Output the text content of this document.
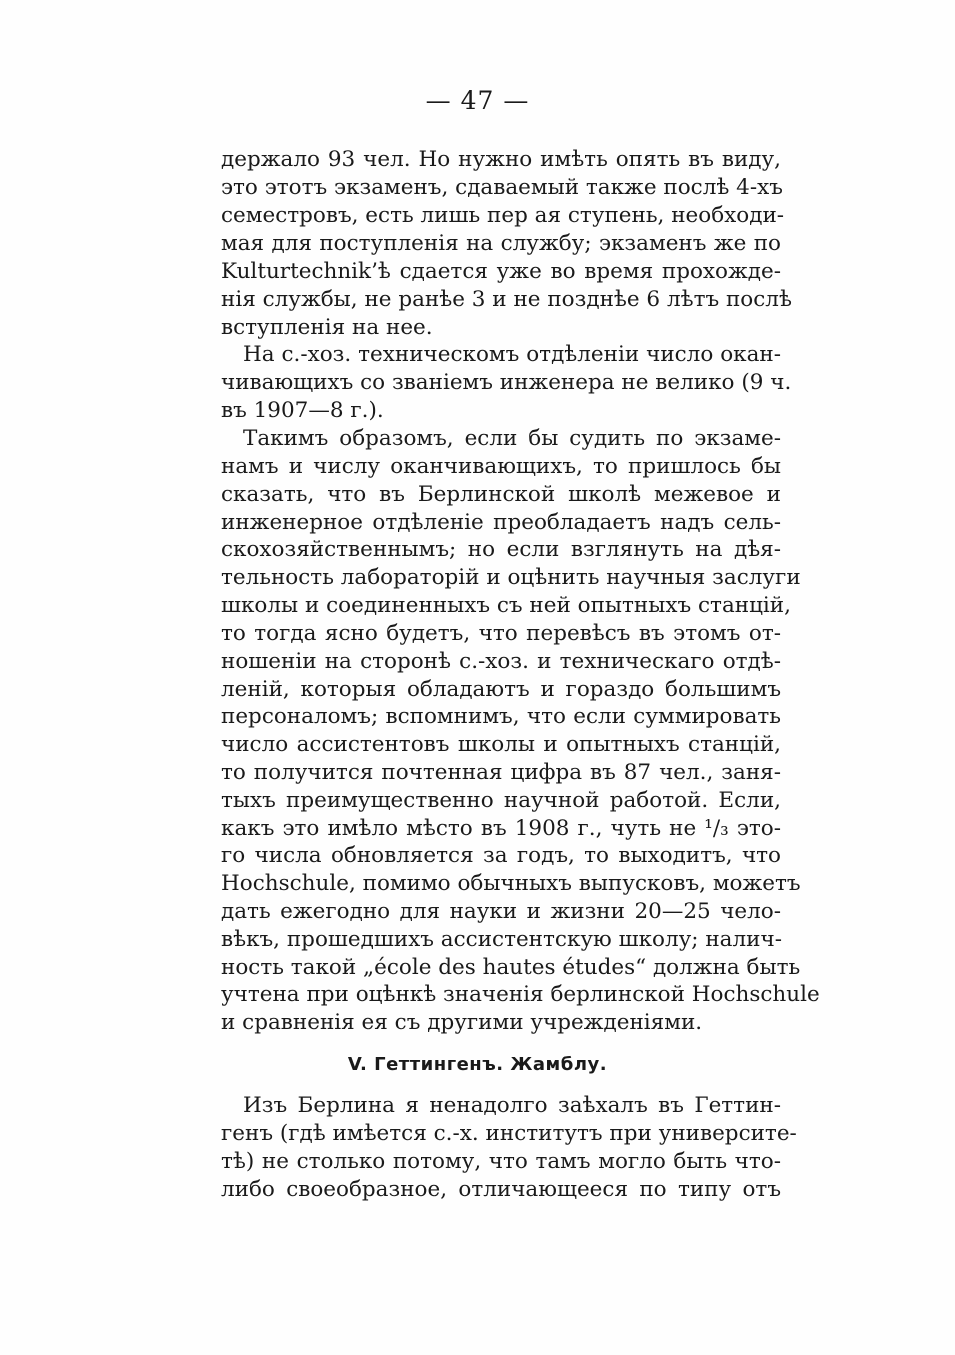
— 47 —
держало 93 чел. Но нужно имѣть опять въ виду,
это этотъ экзаменъ, сдаваемый также послѣ 4-хъ
семестровъ, есть лишь пер ая ступень, необходи-
мая для поступленія на службу; экзаменъ же по
Kulturtechnik’ѣ сдается уже во время прохожде-
нія службы, не ранѣе 3 и не позднѣе 6 лѣтъ послѣ
вступленія на нее.
На с.-хоз. техническомъ отдѣленіи число окан-
чивающихъ со званіемъ инженера не велико (9 ч.
въ 1907—8 г.).
Такимъ образомъ, если бы судить по экзаме-
намъ и числу оканчивающихъ, то пришлось бы
сказать, что въ Берлинской школѣ межевое и
инженерное отдѣленіе преобладаетъ надъ сель-
скохозяйственнымъ; но если взглянуть на дѣя-
тельность лабораторій и оцѣнить научныя заслуги
школы и соединенныхъ съ ней опытныхъ станцій,
то тогда ясно будетъ, что перевѣсъ въ этомъ от-
ношеніи на сторонѣ с.-хоз. и техническаго отдѣ-
леній, которыя обладаютъ и гораздо большимъ
персоналомъ; вспомнимъ, что если суммировать
число ассистентовъ школы и опытныхъ станцій,
то получится почтенная цифра въ 87 чел., заня-
тыхъ преимущественно научной работой. Если,
какъ это имѣло мѣсто въ 1908 г., чуть не ¹/₃ это-
го числа обновляется за годъ, то выходитъ, что
Hochschule, помимо обычныхъ выпусковъ, можетъ
дать ежегодно для науки и жизни 20—25 чело-
вѣкъ, прошедшихъ ассистентскую школу; налич-
ность такой „école des hautes études“ должна быть
учтена при оцѣнкѣ значенія берлинской Hochschule
и сравненія ея съ другими учрежденіями.
V. Геттингенъ. Жамблу.
Изъ Берлина я ненадолго заѣхалъ въ Геттин-
генъ (гдѣ имѣется с.-х. институтъ при университе-
тѣ) не столько потому, что тамъ могло быть что-
либо своеобразное, отличающееся по типу отъ
